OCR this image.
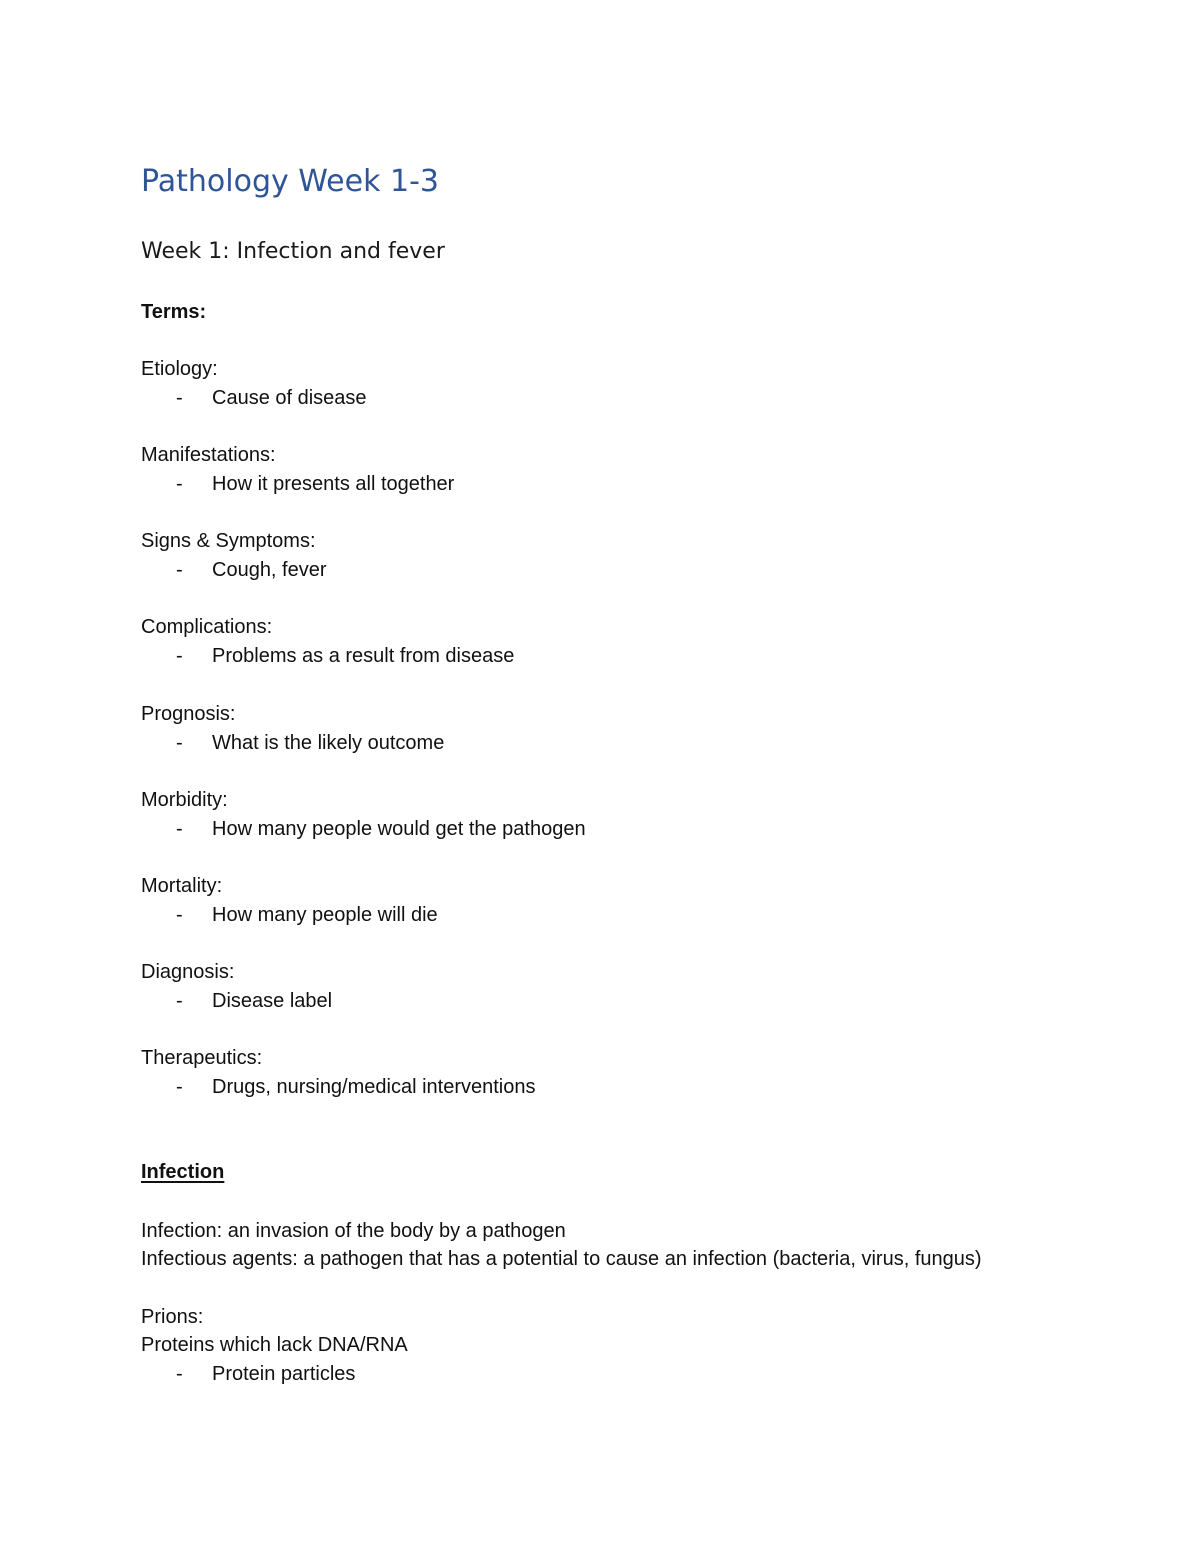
Pathology Week 1-3
Week 1: Infection and fever
Terms:
Etiology:
- Cause of disease
Manifestations:
- How it presents all together
Signs & Symptoms:
- Cough, fever
Complications:
- Problems as a result from disease
Prognosis:
- What is the likely outcome
Morbidity:
- How many people would get the pathogen
Mortality:
- How many people will die
Diagnosis:
- Disease label
Therapeutics:
- Drugs, nursing/medical interventions
Infection
Infection: an invasion of the body by a pathogen
Infectious agents: a pathogen that has a potential to cause an infection (bacteria, virus, fungus)
Prions:
Proteins which lack DNA/RNA
- Protein particles
